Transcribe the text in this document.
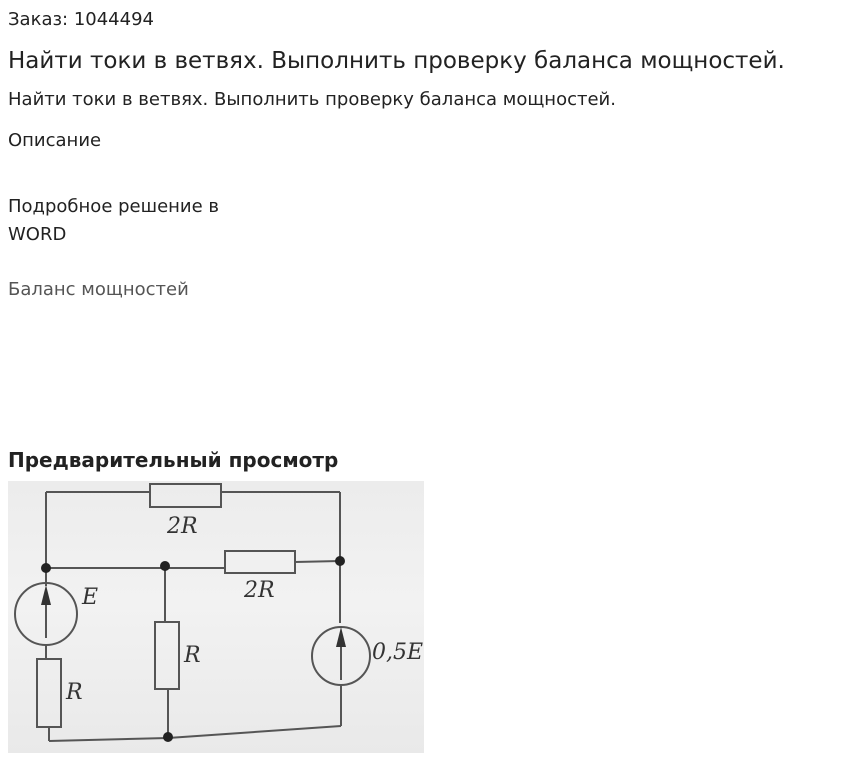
Заказ: 1044494
Найти токи в ветвях. Выполнить проверку баланса мощностей.
Найти токи в ветвях. Выполнить проверку баланса мощностей.
Описание
Подробное решение в WORD
Баланс мощностей
Предварительный просмотр
2R
2R
R
R
E
0,5E
